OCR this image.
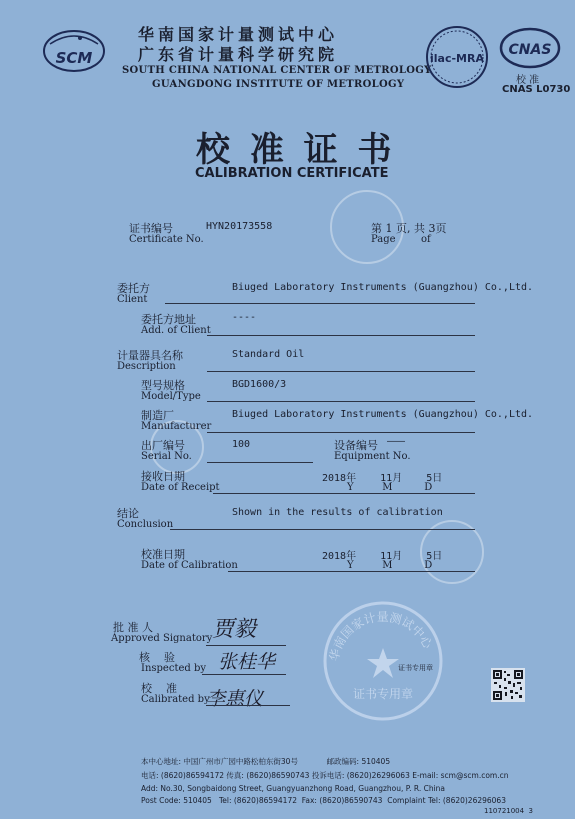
SCM
华南国家计量测试中心
广东省计量科学研究院
SOUTH CHINA NATIONAL CENTER OF METROLOGY
GUANGDONG INSTITUTE OF METROLOGY
ilac-MRA
CNAS
校 准
CNAS L0730
校 准 证 书
CALIBRATION CERTIFICATE
证书编号
Certificate No.
HYN20173558	第 1 页, 共 3页
Page	of
委托方
Client
Biuged Laboratory Instruments (Guangzhou) Co.,Ltd.
委托方地址
Add. of Client
----
计量器具名称
Description
Standard Oil
型号规格
Model/Type
BGD1600/3
制造厂
Manufacturer
Biuged Laboratory Instruments (Guangzhou) Co.,Ltd.
出厂编号
Serial No.
100	设备编号
Equipment No.
———
接收日期
Date of Receipt
2018年    11月    5日
Y         M          D
结论
Conclusion
Shown in the results of calibration
校准日期
Date of Calibration
2018年    11月    5日
Y         M          D
批 准 人
Approved Signatory 贾毅
核    验
Inspected by 张桂华
校    准
Calibrated by
李惠仪
华南国家计量测试中心
证书专用章
证书专用章
本中心地址: 中国广州市广园中路松柏东街30号            邮政编码: 510405
电话: (8620)86594172 传真: (8620)86590743 投诉电话: (8620)26296063 E-mail: scm@scm.com.cn
Add: No.30, Songbaidong Street, Guangyuanzhong Road, Guangzhou, P. R. China
Post Code: 510405   Tel: (8620)86594172  Fax: (8620)86590743  Complaint Tel: (8620)26296063
110721004  3
